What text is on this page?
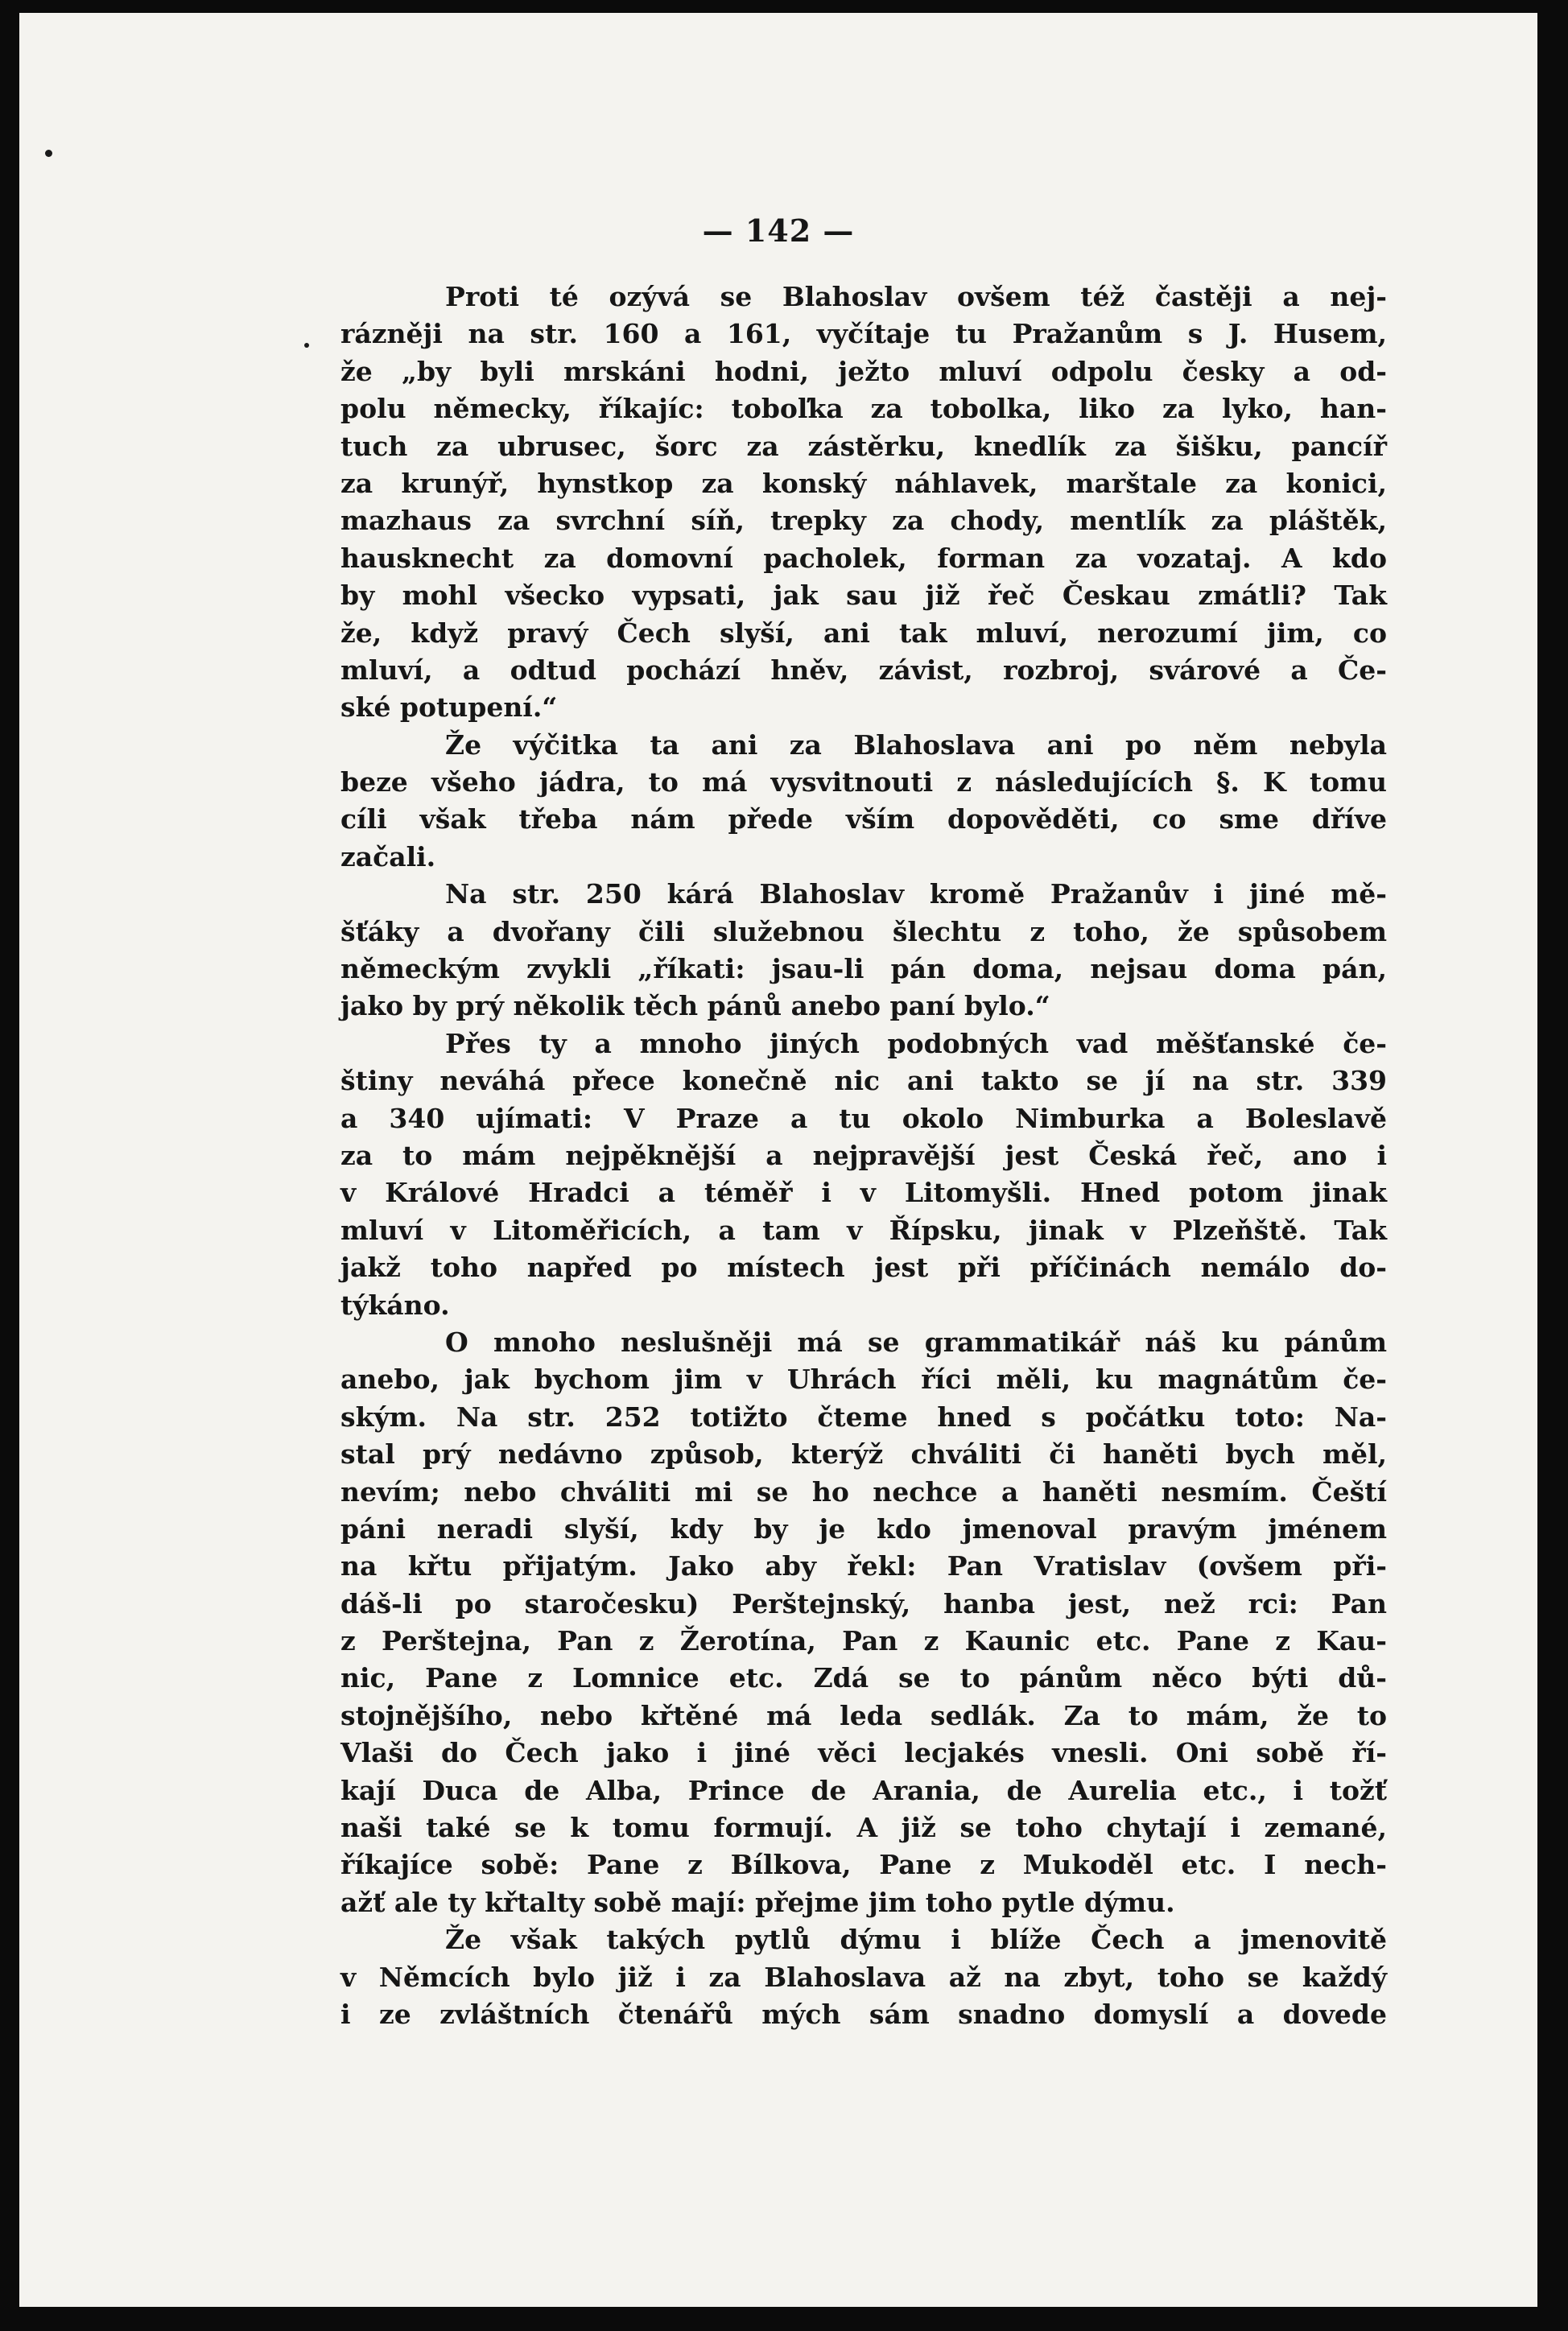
— 142 —
Proti té ozývá se Blahoslav ovšem též častěji a nej-
rázněji na str. 160 a 161, vyčítaje tu Pražanům s J. Husem,
že „by byli mrskáni hodni, ježto mluví odpolu česky a od-
polu německy, říkajíc: toboľka za tobolka, liko za lyko, han-
tuch za ubrusec, šorc za zástěrku, knedlík za šišku, pancíř
za krunýř, hynstkop za konský náhlavek, marštale za konici,
mazhaus za svrchní síň, trepky za chody, mentlík za pláštěk,
hausknecht za domovní pacholek, forman za vozataj. A kdo
by mohl všecko vypsati, jak sau již řeč Českau zmátli? Tak
že, když pravý Čech slyší, ani tak mluví, nerozumí jim, co
mluví, a odtud pochází hněv, závist, rozbroj, svárové a Če-
ské potupení.“
Že výčitka ta ani za Blahoslava ani po něm nebyla
beze všeho jádra, to má vysvitnouti z následujících §. K tomu
cíli však třeba nám přede vším dopověděti, co sme dříve
začali.
Na str. 250 kárá Blahoslav kromě Pražanův i jiné mě-
šťáky a dvořany čili služebnou šlechtu z toho, že spůsobem
německým zvykli „říkati: jsau-li pán doma, nejsau doma pán,
jako by prý několik těch pánů anebo paní bylo.“
Přes ty a mnoho jiných podobných vad měšťanské če-
štiny neváhá přece konečně nic ani takto se jí na str. 339
a 340 ujímati: V Praze a tu okolo Nimburka a Boleslavě
za to mám nejpěknější a nejpravější jest Česká řeč, ano i
v Králové Hradci a téměř i v Litomyšli. Hned potom jinak
mluví v Litoměřicích, a tam v Řípsku, jinak v Plzeňště. Tak
jakž toho napřed po místech jest při příčinách nemálo do-
týkáno.
O mnoho neslušněji má se grammatikář náš ku pánům
anebo, jak bychom jim v Uhrách říci měli, ku magnátům če-
ským. Na str. 252 totižto čteme hned s počátku toto: Na-
stal prý nedávno způsob, kterýž chváliti či haněti bych měl,
nevím; nebo chváliti mi se ho nechce a haněti nesmím. Čeští
páni neradi slyší, kdy by je kdo jmenoval pravým jménem
na křtu přijatým. Jako aby řekl: Pan Vratislav (ovšem při-
dáš-li po staročesku) Perštejnský, hanba jest, než rci: Pan
z Perštejna, Pan z Žerotína, Pan z Kaunic etc. Pane z Kau-
nic, Pane z Lomnice etc. Zdá se to pánům něco býti dů-
stojnějšího, nebo křtěné má leda sedlák. Za to mám, že to
Vlaši do Čech jako i jiné věci lecjakés vnesli. Oni sobě ří-
kají Duca de Alba, Prince de Arania, de Aurelia etc., i tožť
naši také se k tomu formují. A již se toho chytají i zemané,
říkajíce sobě: Pane z Bílkova, Pane z Mukoděl etc. I nech-
ažť ale ty křtalty sobě mají: přejme jim toho pytle dýmu.
Že však takých pytlů dýmu i blíže Čech a jmenovitě
v Němcích bylo již i za Blahoslava až na zbyt, toho se každý
i ze zvláštních čtenářů mých sám snadno domyslí a dovede
